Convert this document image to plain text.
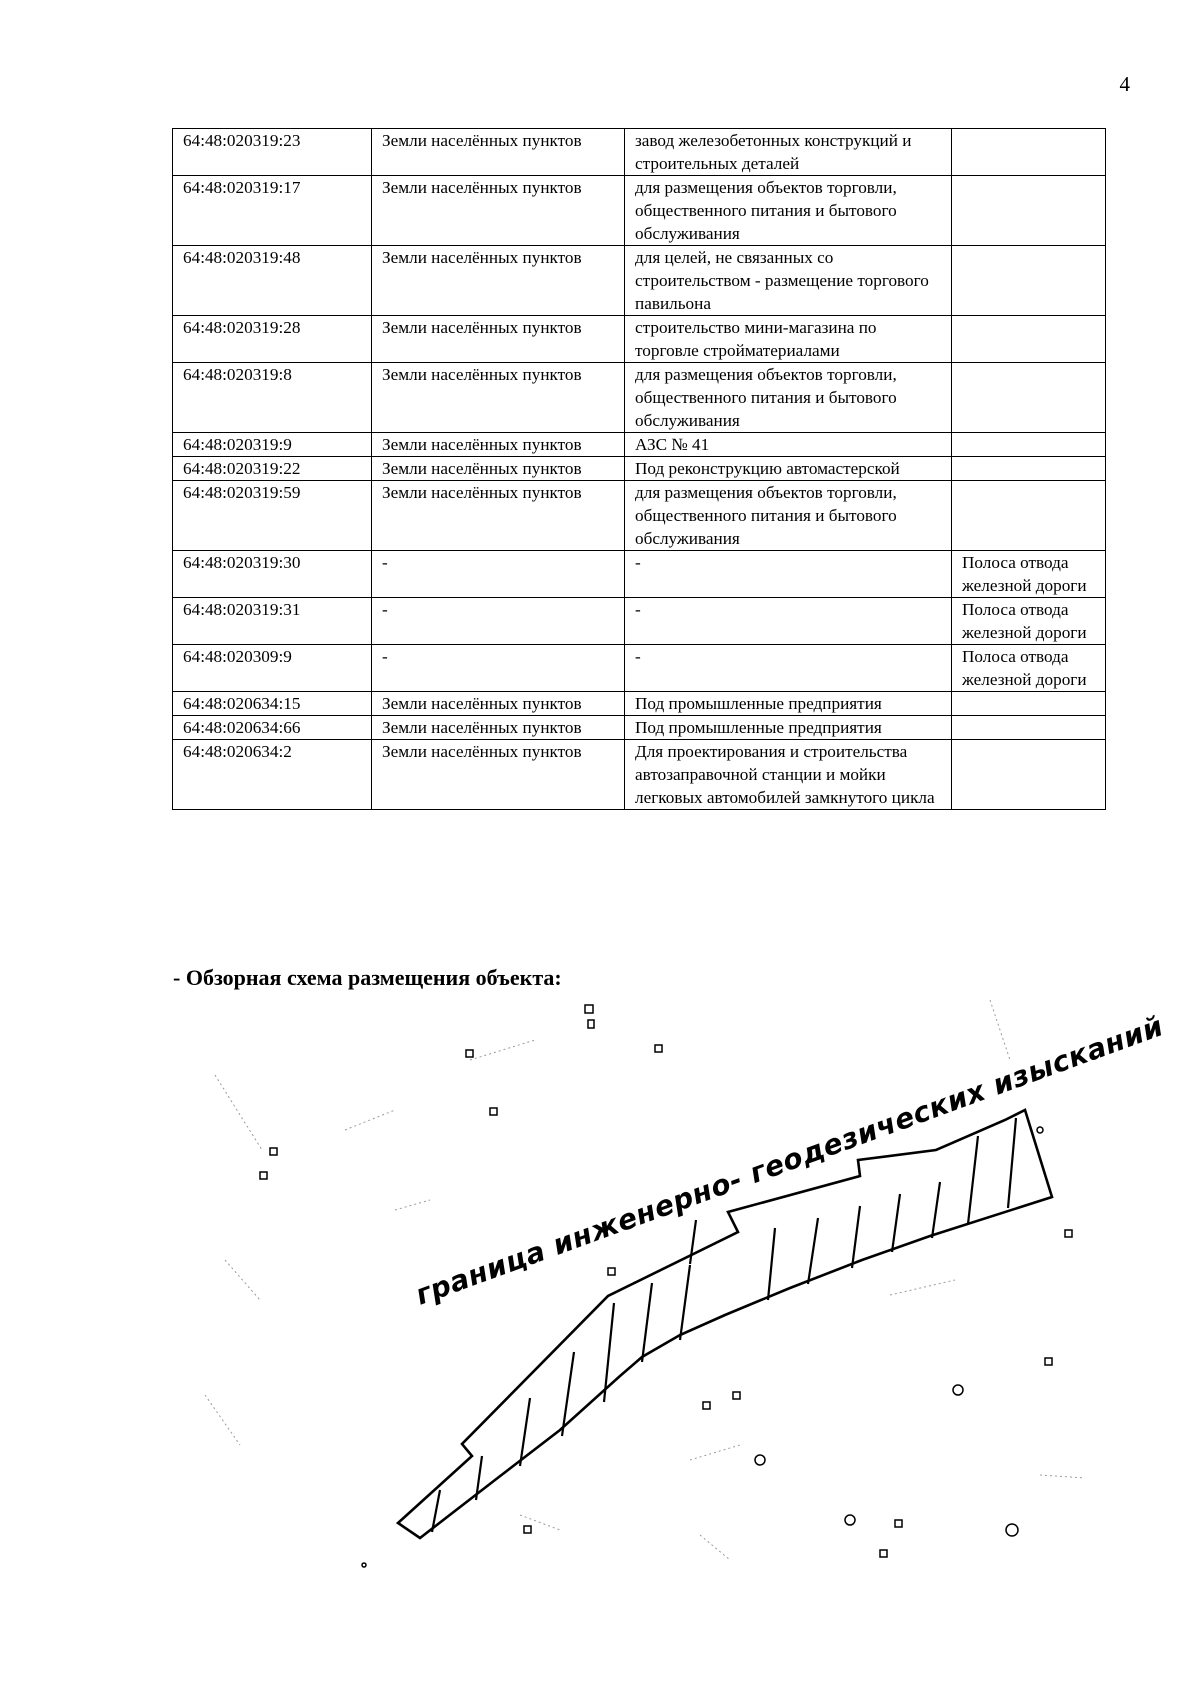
4
64:48:020319:23	Земли населённых пунктов	завод железобетонных конструкций и строительных деталей	
64:48:020319:17	Земли населённых пунктов	для размещения объектов торговли, общественного питания и бытового обслуживания	
64:48:020319:48	Земли населённых пунктов	для целей, не связанных со строительством - размещение торгового павильона	
64:48:020319:28	Земли населённых пунктов	строительство мини-магазина по торговле стройматериалами	
64:48:020319:8	Земли населённых пунктов	для размещения объектов торговли, общественного питания и бытового обслуживания	
64:48:020319:9	Земли населённых пунктов	АЗС № 41	
64:48:020319:22	Земли населённых пунктов	Под реконструкцию автомастерской	
64:48:020319:59	Земли населённых пунктов	для размещения объектов торговли, общественного питания и бытового обслуживания	
64:48:020319:30	-	-	Полоса отвода железной дороги
64:48:020319:31	-	-	Полоса отвода железной дороги
64:48:020309:9	-	-	Полоса отвода железной дороги
64:48:020634:15	Земли населённых пунктов	Под промышленные предприятия	
64:48:020634:66	Земли населённых пунктов	Под промышленные предприятия	
64:48:020634:2	Земли населённых пунктов	Для проектирования и строительства автозаправочной станции и мойки легковых автомобилей замкнутого цикла	
- Обзорная схема размещения объекта:
граница инженерно- геодезических изысканий
